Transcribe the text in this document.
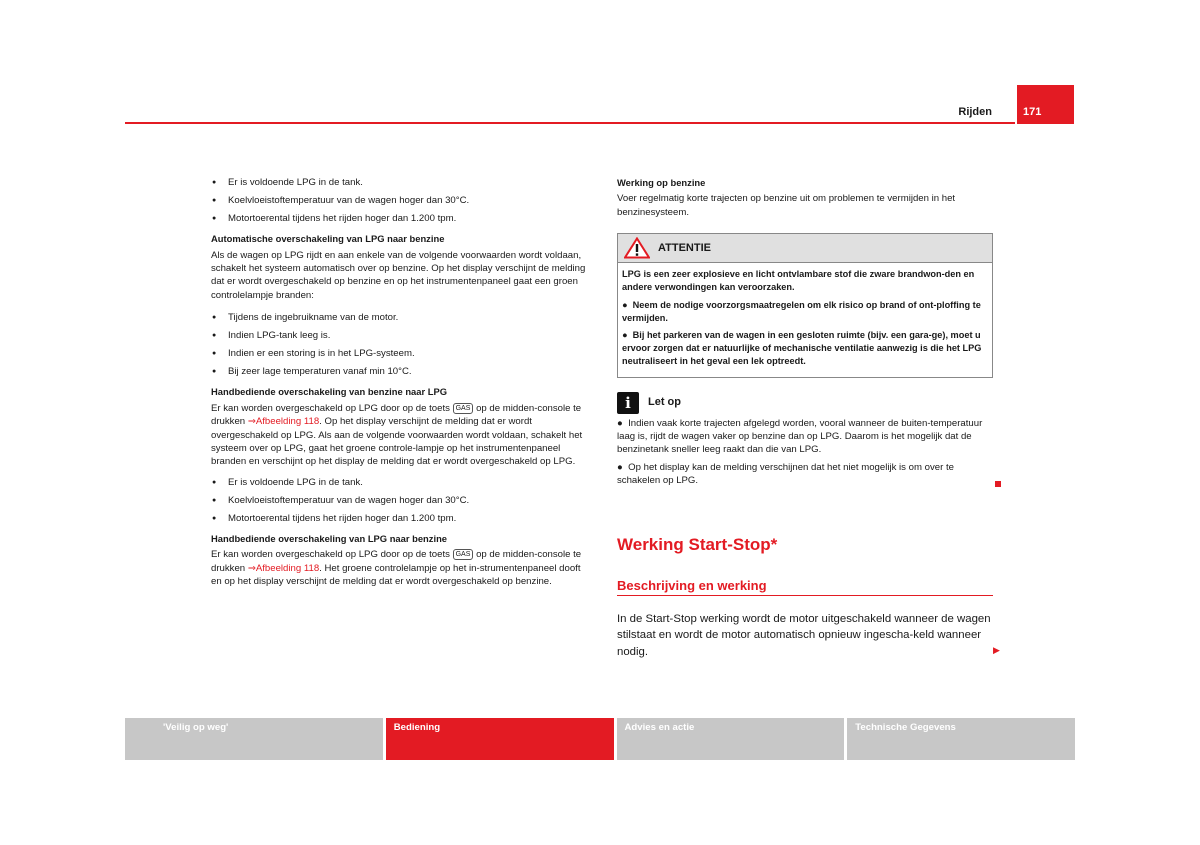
Rijden	171
● Er is voldoende LPG in de tank.
● Koelvloeistoftemperatuur van de wagen hoger dan 30°C.
● Motortoerental tijdens het rijden hoger dan 1.200 tpm.
Automatische overschakeling van LPG naar benzine

Als de wagen op LPG rijdt en aan enkele van de volgende voorwaarden wordt voldaan, schakelt het systeem automatisch over op benzine. Op het display verschijnt de melding dat er wordt overgeschakeld op benzine en op het instrumentenpaneel gaat een groen controlelampje branden:

● Tijdens de ingebruikname van de motor.
● Indien LPG-tank leeg is.
● Indien er een storing is in het LPG-systeem.
● Bij zeer lage temperaturen vanaf min 10°C.
Handbediende overschakeling van benzine naar LPG

Er kan worden overgeschakeld op LPG door op de toets GAS op de midden-console te drukken ⇒Afbeelding 118. Op het display verschijnt de melding dat er wordt overgeschakeld op LPG. Als aan de volgende voorwaarden wordt voldaan, schakelt het systeem over op LPG, gaat het groene controle-lampje op het instrumentenpaneel branden en verschijnt op het display de melding dat er wordt overgeschakeld op LPG.

● Er is voldoende LPG in de tank.
● Koelvloeistoftemperatuur van de wagen hoger dan 30°C.
● Motortoerental tijdens het rijden hoger dan 1.200 tpm.
Handbediende overschakeling van LPG naar benzine

Er kan worden overgeschakeld op LPG door op de toets GAS op de midden-console te drukken ⇒Afbeelding 118. Het groene controlelampje op het in-strumentenpaneel dooft en op het display verschijnt de melding dat er wordt overgeschakeld op benzine.

Werking op benzine

Voer regelmatig korte trajecten op benzine uit om problemen te vermijden in het benzinesysteem.

ATTENTIE

LPG is een zeer explosieve en licht ontvlambare stof die zware brandwon-den en andere verwondingen kan veroorzaken.

●  Neem de nodige voorzorgsmaatregelen om elk risico op brand of ont-ploffing te vermijden.

●  Bij het parkeren van de wagen in een gesloten ruimte (bijv. een gara-ge), moet u ervoor zorgen dat er natuurlijke of mechanische ventilatie aanwezig is die het LPG neutraliseert in het geval een lek optreedt.

i	Let op

●  Indien vaak korte trajecten afgelegd worden, vooral wanneer de buiten-temperatuur laag is, rijdt de wagen vaker op benzine dan op LPG. Daarom is het mogelijk dat de benzinetank sneller leeg raakt dan die van LPG.

●  Op het display kan de melding verschijnen dat het niet mogelijk is om over te schakelen op LPG.

Werking Start-Stop*
Beschrijving en werking

In de Start-Stop werking wordt de motor uitgeschakeld wanneer de wagen stilstaat en wordt de motor automatisch opnieuw ingescha-keld wanneer nodig.	▶
'Veilig op weg'	Bediening	Advies en actie	Technische Gegevens
